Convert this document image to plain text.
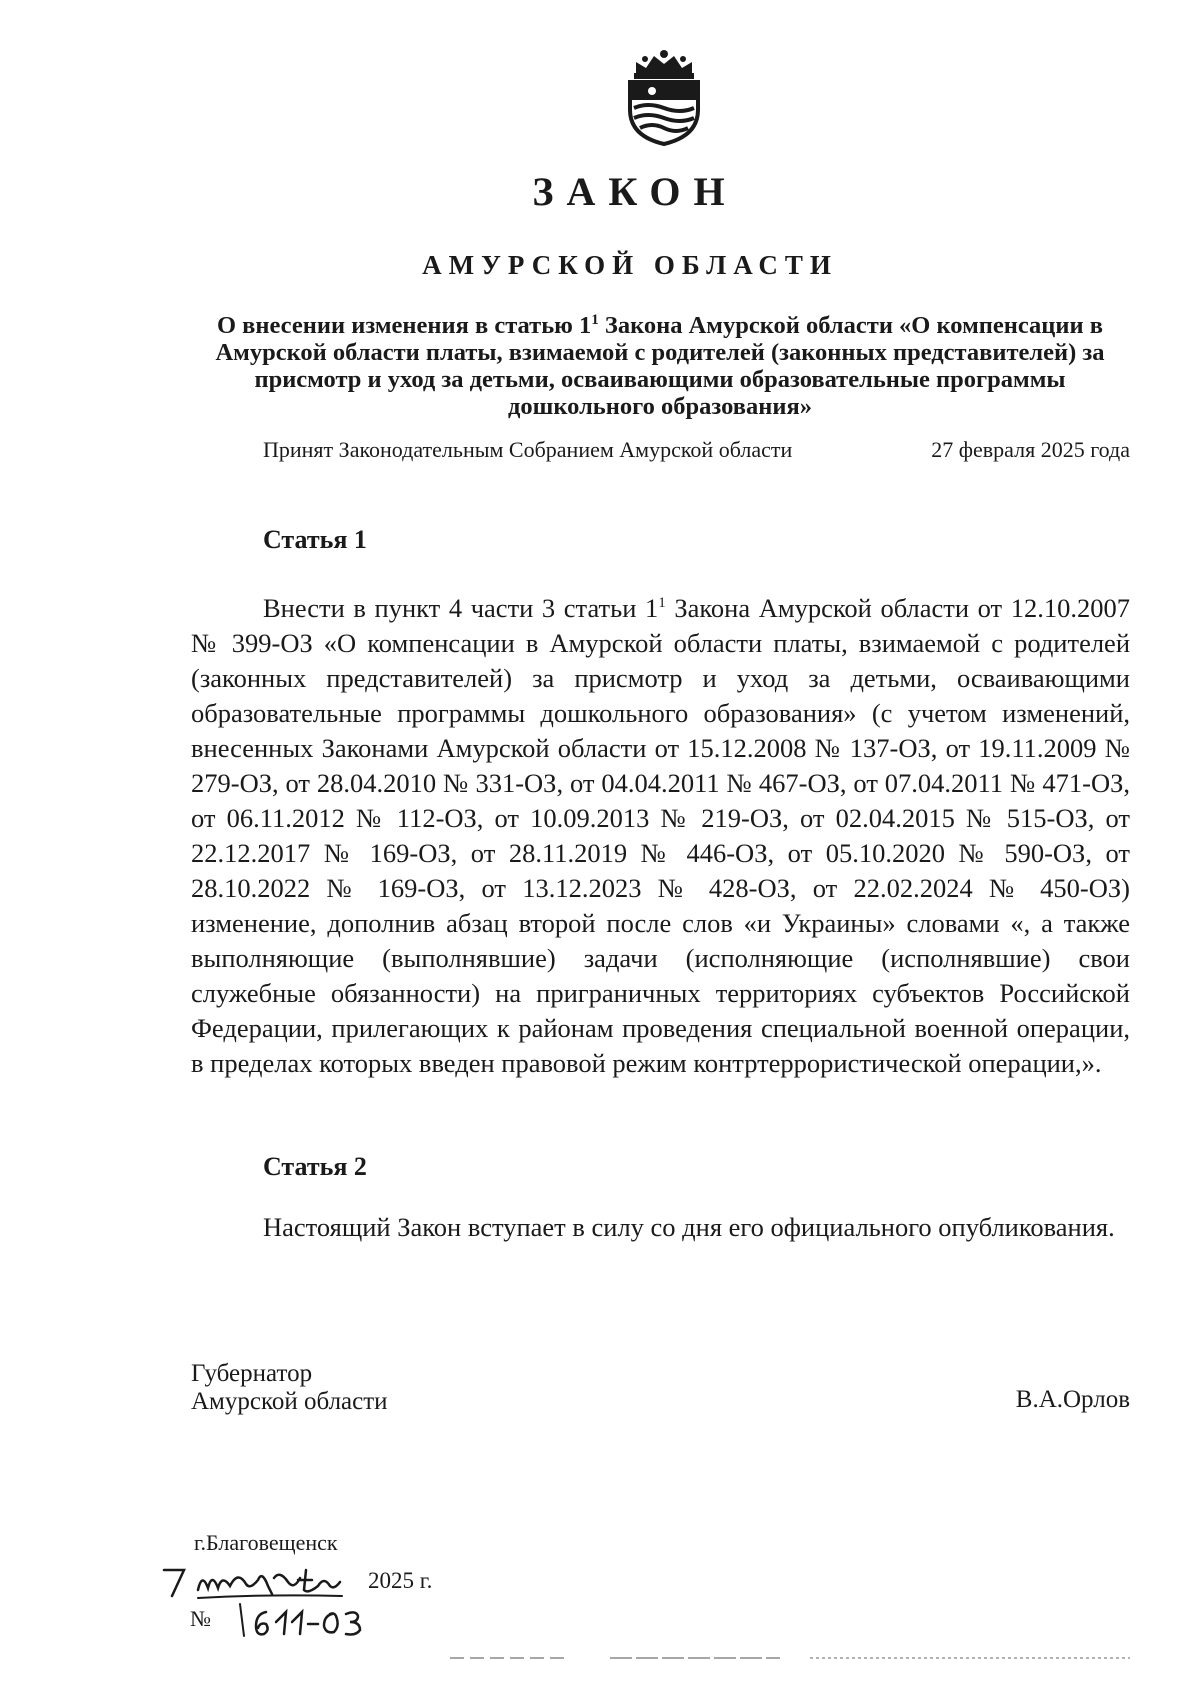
ЗАКОН
АМУРСКОЙ ОБЛАСТИ
О внесении изменения в статью $1^1$ Закона Амурской области «О компенсации в Амурской области платы, взимаемой с родителей (законных представителей) за присмотр и уход за детьми, осваивающими образовательные программы дошкольного образования»
Принят Законодательным Собранием Амурской области	27 февраля 2025 года
Статья 1

Внести в пункт 4 части 3 статьи $1^1$ Закона Амурской области от 12.10.2007 № 399-ОЗ «О компенсации в Амурской области платы, взимаемой с родителей (законных представителей) за присмотр и уход за детьми, осваивающими образовательные программы дошкольного образования» (с учетом изменений, внесенных Законами Амурской области от 15.12.2008 № 137-ОЗ, от 19.11.2009 № 279-ОЗ, от 28.04.2010 № 331-ОЗ, от 04.04.2011 № 467-ОЗ, от 07.04.2011 № 471-ОЗ, от 06.11.2012 № 112-ОЗ, от 10.09.2013 № 219-ОЗ, от 02.04.2015 № 515-ОЗ, от 22.12.2017 № 169-ОЗ, от 28.11.2019 № 446-ОЗ, от 05.10.2020 № 590-ОЗ, от 28.10.2022 № 169-ОЗ, от 13.12.2023 № 428-ОЗ, от 22.02.2024 № 450-ОЗ) изменение, дополнив абзац второй после слов «и Украины» словами «, а также выполняющие (выполнявшие) задачи (исполняющие (исполнявшие) свои служебные обязанности) на приграничных территориях субъектов Российской Федерации, прилегающих к районам проведения специальной военной операции, в пределах которых введен правовой режим контртеррористической операции,».

Статья 2

Настоящий Закон вступает в силу со дня его официального опубликования.

Губернатор
Амурской области	В.А.Орлов
г.Благовещенск
2025 г.
№
